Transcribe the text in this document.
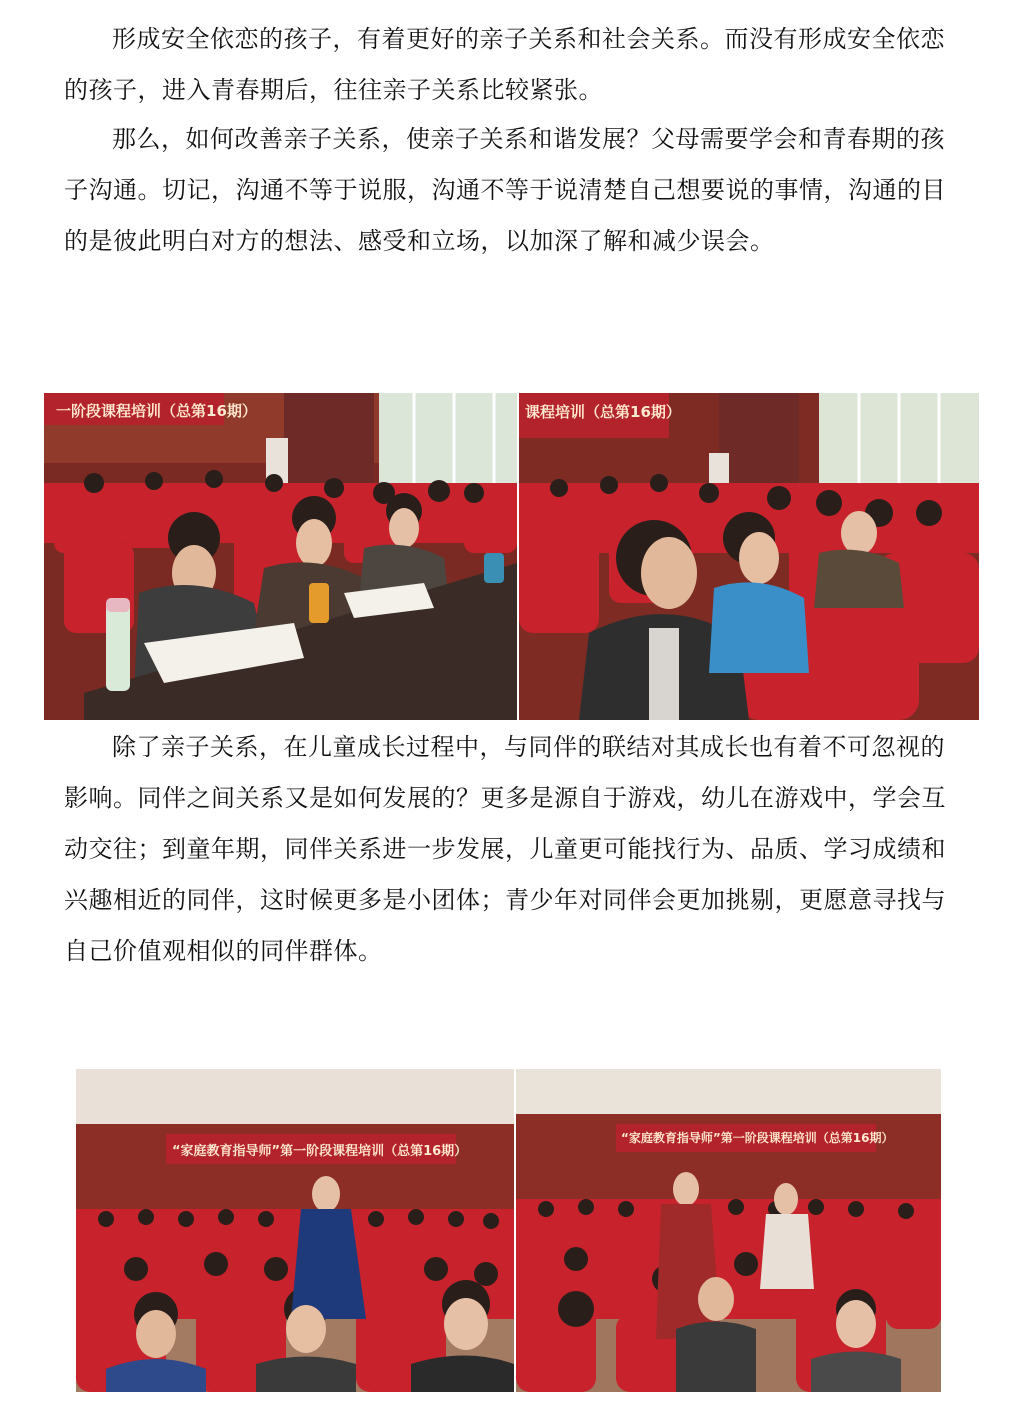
形成安全依恋的孩子，有着更好的亲子关系和社会关系。而没有形成安全依恋的孩子，进入青春期后，往往亲子关系比较紧张。

那么，如何改善亲子关系，使亲子关系和谐发展？父母需要学会和青春期的孩子沟通。切记，沟通不等于说服，沟通不等于说清楚自己想要说的事情，沟通的目的是彼此明白对方的想法、感受和立场，以加深了解和减少误会。

一阶段课程培训（总第16期）	课程培训（总第16期）

除了亲子关系，在儿童成长过程中，与同伴的联结对其成长也有着不可忽视的影响。同伴之间关系又是如何发展的？更多是源自于游戏，幼儿在游戏中，学会互动交往；到童年期，同伴关系进一步发展，儿童更可能找行为、品质、学习成绩和兴趣相近的同伴，这时候更多是小团体；青少年对同伴会更加挑剔，更愿意寻找与自己价值观相似的同伴群体。

“家庭教育指导师”第一阶段课程培训（总第16期）
“家庭教育指导师”第一阶段课程培训（总第16期）
